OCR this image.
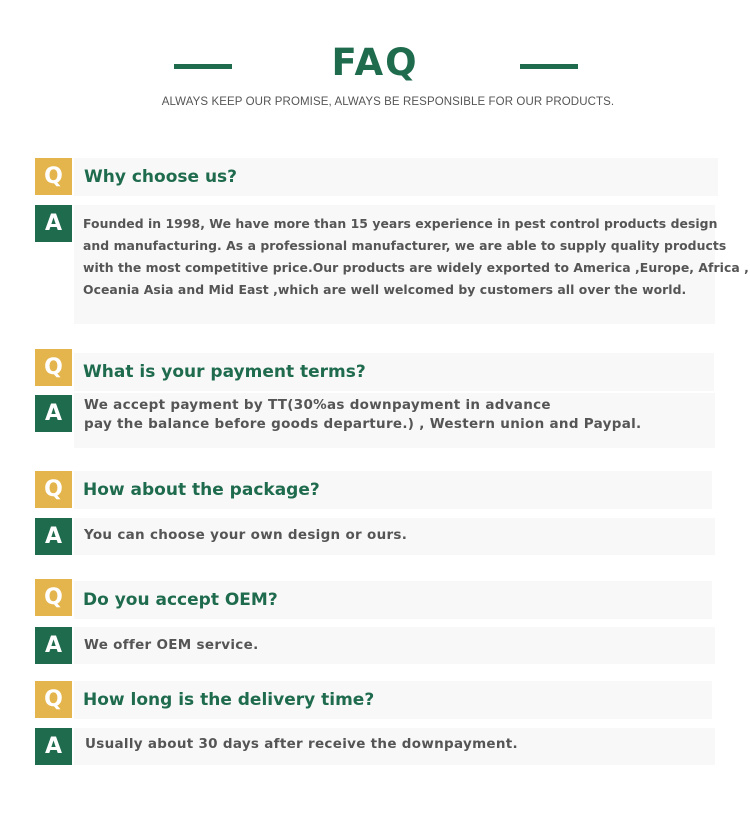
FAQ
ALWAYS KEEP OUR PROMISE, ALWAYS BE RESPONSIBLE FOR OUR PRODUCTS.
Q	Why choose us?
A	Founded in 1998, We have more than 15 years experience in pest control products design
and manufacturing. As a professional manufacturer, we are able to supply quality products
with the most competitive price.Our products are widely exported to America ,Europe, Africa ,
Oceania Asia and Mid East ,which are well welcomed by customers all over the world.
Q	What is your payment terms?
A	We accept payment by TT(30%as downpayment in advance
pay the balance before goods departure.) , Western union and Paypal.
Q	How about the package?
A	You can choose your own design or ours.
Q	Do you accept OEM?
A	We offer OEM service.
Q	How long is the delivery time?
A	Usually about 30 days after receive the downpayment.
